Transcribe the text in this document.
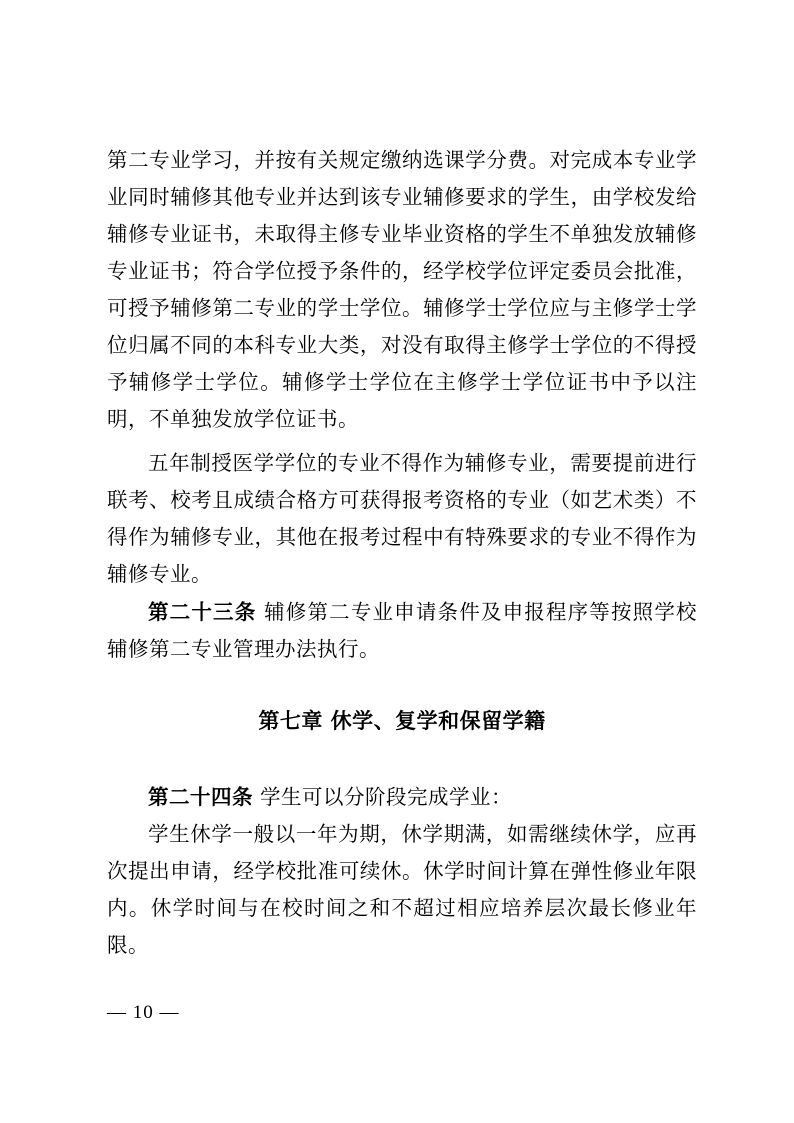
第二专业学习，并按有关规定缴纳选课学分费。对完成本专业学业同时辅修其他专业并达到该专业辅修要求的学生，由学校发给辅修专业证书，未取得主修专业毕业资格的学生不单独发放辅修专业证书；符合学位授予条件的，经学校学位评定委员会批准，可授予辅修第二专业的学士学位。辅修学士学位应与主修学士学位归属不同的本科专业大类，对没有取得主修学士学位的不得授予辅修学士学位。辅修学士学位在主修学士学位证书中予以注明，不单独发放学位证书。

五年制授医学学位的专业不得作为辅修专业，需要提前进行联考、校考且成绩合格方可获得报考资格的专业（如艺术类）不得作为辅修专业，其他在报考过程中有特殊要求的专业不得作为辅修专业。

第二十三条 辅修第二专业申请条件及申报程序等按照学校辅修第二专业管理办法执行。

第七章 休学、复学和保留学籍

第二十四条 学生可以分阶段完成学业：

学生休学一般以一年为期，休学期满，如需继续休学，应再次提出申请，经学校批准可续休。休学时间计算在弹性修业年限内。休学时间与在校时间之和不超过相应培养层次最长修业年限。

— 10 —
